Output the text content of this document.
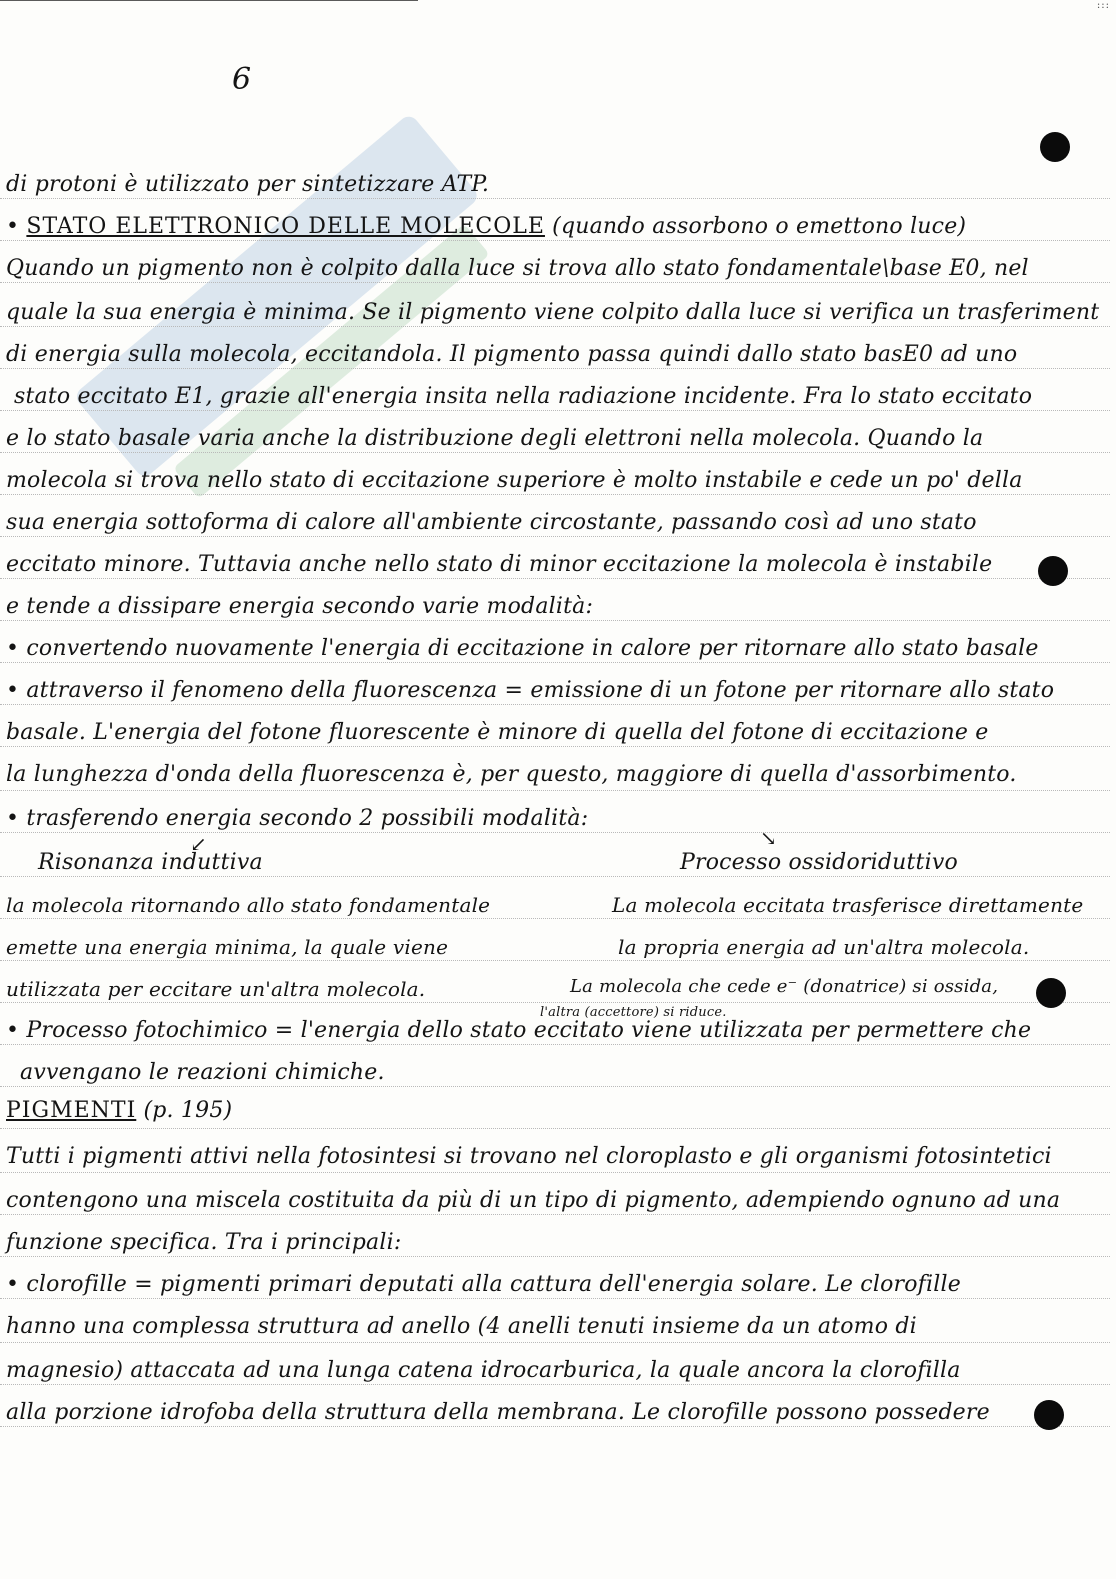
:::
6
di protoni è utilizzato per sintetizzare ATP.
• STATO ELETTRONICO DELLE MOLECOLE (quando assorbono o emettono luce)
Quando un pigmento non è colpito dalla luce si trova allo stato fondamentale\base E0, nel
quale la sua energia è minima. Se il pigmento viene colpito dalla luce si verifica un trasferiment
di energia sulla molecola, eccitandola. Il pigmento passa quindi dallo stato basE0 ad uno
stato eccitato E1, grazie all'energia insita nella radiazione incidente. Fra lo stato eccitato
e lo stato basale varia anche la distribuzione degli elettroni nella molecola. Quando la
molecola si trova nello stato di eccitazione superiore è molto instabile e cede un po' della
sua energia sottoforma di calore all'ambiente circostante, passando così ad uno stato
eccitato minore. Tuttavia anche nello stato di minor eccitazione la molecola è instabile
e tende a dissipare energia secondo varie modalità:
• convertendo nuovamente l'energia di eccitazione in calore per ritornare allo stato basale
• attraverso il fenomeno della fluorescenza = emissione di un fotone per ritornare allo stato
basale. L'energia del fotone fluorescente è minore di quella del fotone di eccitazione e
la lunghezza d'onda della fluorescenza è, per questo, maggiore di quella d'assorbimento.
• trasferendo energia secondo 2 possibili modalità:
↙	↘
Risonanza induttiva	Processo ossidoriduttivo
la molecola ritornando allo stato fondamentale
emette una energia minima, la quale viene
utilizzata per eccitare un'altra molecola.
La molecola eccitata trasferisce direttamente
la propria energia ad un'altra molecola.
La molecola che cede e⁻ (donatrice) si ossida,
l'altra (accettore) si riduce.
• Processo fotochimico = l'energia dello stato eccitato viene utilizzata per permettere che
avvengano le reazioni chimiche.
PIGMENTI (p. 195)
Tutti i pigmenti attivi nella fotosintesi si trovano nel cloroplasto e gli organismi fotosintetici
contengono una miscela costituita da più di un tipo di pigmento, adempiendo ognuno ad una
funzione specifica. Tra i principali:
• clorofille = pigmenti primari deputati alla cattura dell'energia solare. Le clorofille
hanno una complessa struttura ad anello (4 anelli tenuti insieme da un atomo di
magnesio) attaccata ad una lunga catena idrocarburica, la quale ancora la clorofilla
alla porzione idrofoba della struttura della membrana. Le clorofille possono possedere
